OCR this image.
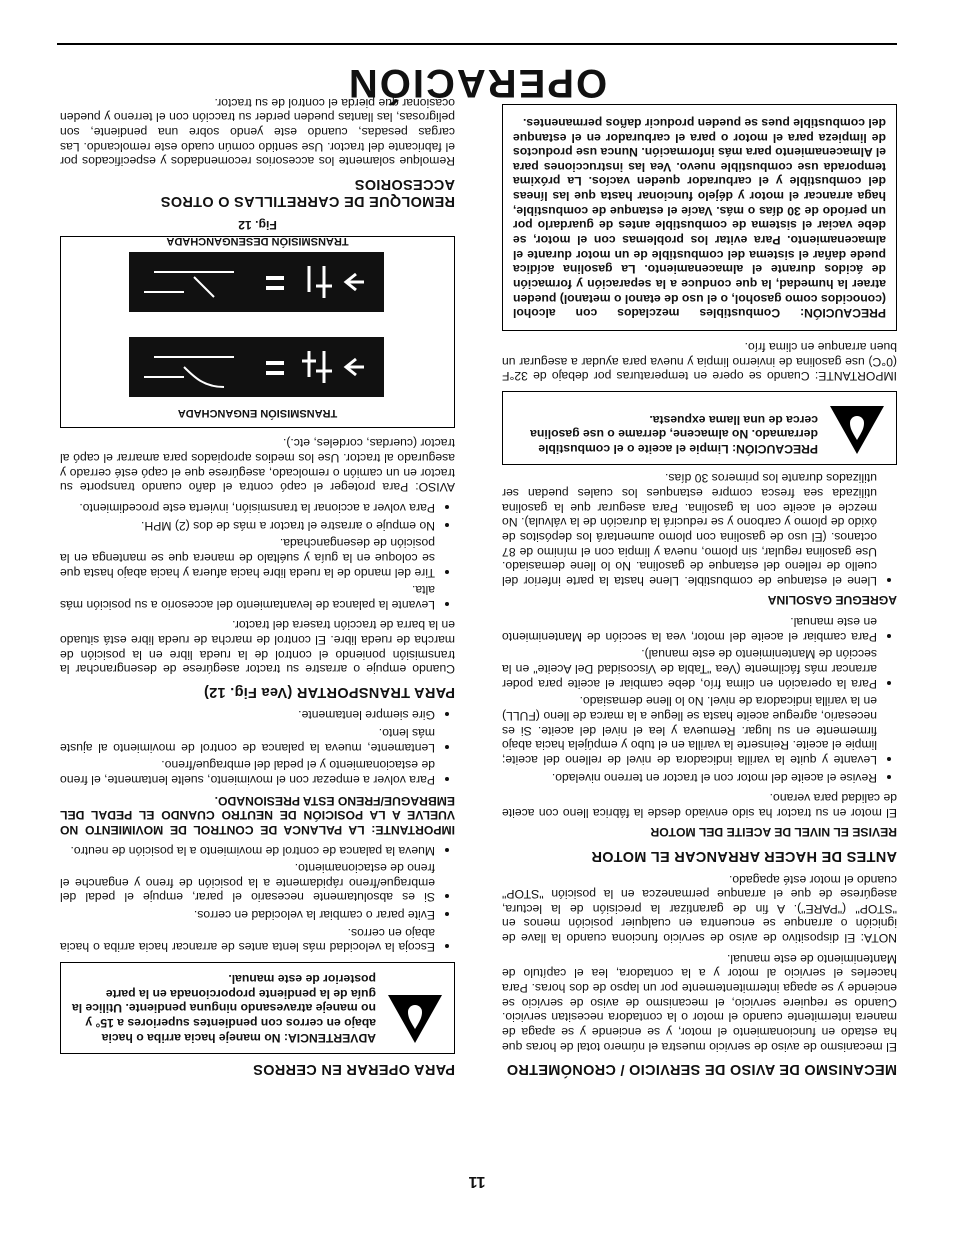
OPERACIÓN
PARA OPERAR EN CERROS
ADVERTENCIA: No maneje hacia arriba o hacia abajo en cerros con pendientes superiores a 15° y no maneje atravesando ninguna pendiente. Utilice la guía de la pendiente proporcionada en la parte posterior de este manual.
• Escoja la velocidad más lenta antes de arrancar hacia arriba o hacia abajo en cerros.
• Evite parar o cambiar la velocidad en cerros.
• Si es absolutamente necesario el parar, empuje el pedal del embrague/freno rápidamente a la posición de freno y enganche el freno de estacionamiento.
• Mueva la palanca de control de movimiento a la posición de neutro.

IMPORTANTE: LA PALANCA DE CONTROL DE MOVIMIENTO NO VUELVE A LA POSICIÓN DE NEUTRO CUANDO EL PEDAL DEL EMBRAGUE/FRENO ESTA PRESIONADO.

• Para volver a empezar con el movimiento, suelte lentamente, el freno de estacionamiento y el pedal del embrague/freno.
• Lentamente, mueva la palanca de control de movimiento al ajuste más lento.
• Gire siempre lentamente.
PARA TRANSPORTAR (Vea Fig. 12)

Cuando empuje o arrastre su tractor asegúrese de desengranchar la transmisión poniendo el control de la rueda libre en la posición de marcha de rueda libre. El control de marcha de rueda libre está situado en la barra de tracción trasera del tractor.

• Levante la palanca de levantamiento del accesorio a su posición más alta.
• Tire del mando de la rueda libre hacia afuera y hacia abajo hasta que se coloque en la guía y suéltalo de manera que se mantenga en la posición de desenganchada.
• No empuje o arrastre el tractor a más de dos (2) MPH.
• Para volver a accionar la transmisión, invierta este procedimiento.

AVISO: Para proteger el capó contra el daño cuando transporte su tractor en un camión o remolcado, asegúrese que el capó esté cerrado y asegurado al tractor. Use los medios apropiados para amarrar el capó al tractor (cuerdas, cordeles, etc.).

TRANSMISIÓN ENGANCHADA
TRANSMISIÓN DESENGANCHADA
Fig. 12
REMOLQUE DE CARRETILLAS O OTROS ACCESORIOS

Remolque solamente los accesorios recomendados y especificados por el fabricante del tractor. Use sentido común cuado este remolcando. Las cargas pesadas, cuando este yendo sobre una pendiente, son peligrosas, las llantas pueden perder su tracción con el terreno y pueden ocasionar que pierda el control de su tractor.

MECANISMO DE AVISO DE SERVICIO / CRONÓMETRO

El mecanismo de aviso de servicio muestra el número total de horas que ha estado en funcionamiento el motor, y se enciende y se apaga de manera intermitente cuando el motor o la contadora necesitan servicio. Cuando se requiere servicio, el mecanismo de aviso de servicio se enciende y se apaga intermitentemente por un lapso de dos horas. Para hacerles el servicio al motor y a la contadora, lea el capítulo de Mantenimiento de este manual.

NOTA: El dispositivo de aviso de servicio funciona cuando la llave de ignición o arranque se encuentra en cualquier posición menos en "STOP" ("PARE"). A fin de garantizar la precisión de la lectura, asegúrese de que el arranque permanezca en la posición "STOP" cuando el motor esté apagado.

ANTES DE HACER ARRANCAR EL MOTOR
REVISE EL NIVEL DE ACEITE DEL MOTOR

El motor en su tractor ha sido enviado desde la fábrica lleno con aceite de calidad para verano.

• Revise el aceite del motor con el tractor en terreno nivelado.
• Levante y quite la varilla indicadora de nivel de relleno del aceite; limpie el aceite. Reinserte la varilla en el tubo y empújela hacia abajo firmemente en su lugar. Remueva y lea el nivel del aceite. Si es necesario, agregue aceite hasta se llegue a la marca de lleno (FULL) en la varilla indicadora de nivel. No lo llene demasiado.
• Para la operación en clima frío, debe cambiar el aceite para poder arrancar más fácilmente (Vea "Tabla de Viscosidad Del Aceite" en la sección de Mantenimiento de este manual).
• Para cambiar el aceite del motor, vea la sección de Mantenimiento en este manual.
AGREGUE GASOLINA
• Llene el estanque de combustible. Llene hasta la parte inferior del cuello de relleno del estanque de gasolina. No lo llene demasiado. Use gasolina regular, sin plomo, nueva y limpia con el mínimo de 87 octanos. (El uso de gasolina con plomo aumentará los depósitos de óxido de plomo y carbono y se reducirá la duración de la válvula). No mezcle el aceite con la gasolina. Para asegurar que la gasolina utilizada sea fresca compre estanques los cuales puedan ser utilizados durante los primeros 30 días.
PRECAUCIÓN: Limpie el aceite o el combustible derramado. No almacene, derrame o use gasolina cerca de una llama expuesta.

IMPORTANTE: Cuando se opere en temperaturas por debajo de 32°F (0°C) use gasolina de invierno limpia y nueva para ayudar a asegurar un buen arranque en clima frío.

PRECAUCIÓN: Combustibles mezclados con alcohol (conocidos como gasohol, o el uso de etanol o metanol) pueden atraer la humedad, la que conduce a la separación y formación de ácidos durante el almacenamiento. La gasolina acídica puede dañar el sistema del combustible de un motor durante el almacenamiento. Para evitar los problemas con el motor, se debe vaciar el sistema de combustible antes de guardarlo por un período de 30 días o más. Vacíe el estanque de combustible, haga arrancar el motor y déjelo funcionar hasta que las líneas del combustible y el carburador queden vacíos. La próxima temporada use combustible nuevo. Vea las instrucciones para el Almacenamiento para más información. Nunca use productos de limpieza para el motor o para el carburador en el estanque del combustible pues se pueden producir daños permanentes.
11
